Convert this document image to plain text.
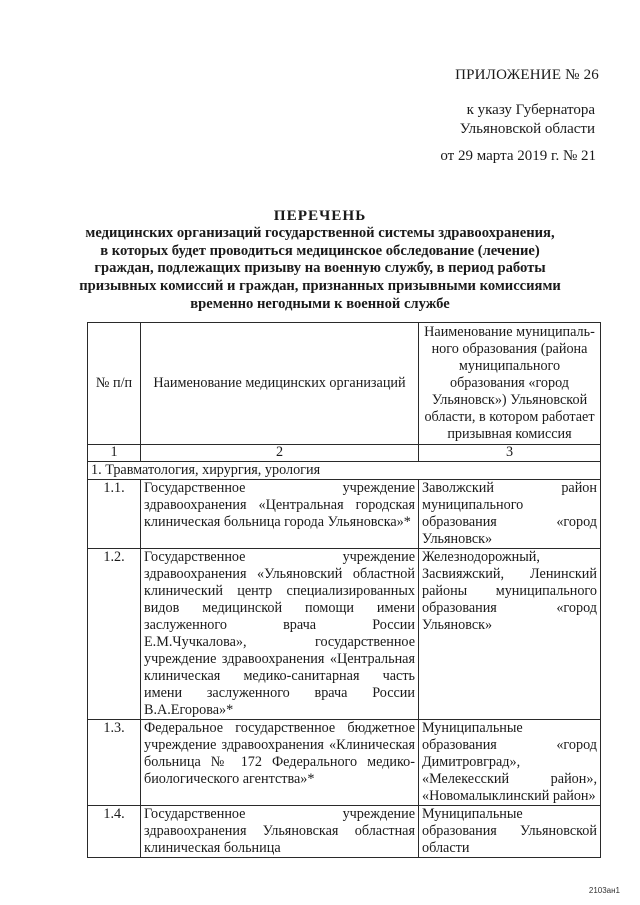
ПРИЛОЖЕНИЕ № 26
к указу Губернатора
Ульяновской области
от 29 марта 2019 г. № 21
ПЕРЕЧЕНЬ
медицинских организаций государственной системы здравоохранения,
в которых будет проводиться медицинское обследование (лечение)
граждан, подлежащих призыву на военную службу, в период работы
призывных комиссий и граждан, признанных призывными комиссиями
временно негодными к военной службе
№ п/п	Наименование медицинских организаций	Наименование муниципаль-ного образования (района муниципального образования «город Ульяновск») Ульяновской области, в котором работает призывная комиссия
1	2	3
1. Травматология, хирургия, урология		
1.1.	Государственное учреждение здравоохранения «Центральная городская клиническая больница города Ульяновска»*	Заволжский район муниципального образования «город Ульяновск»
1.2.	Государственное учреждение здравоохранения «Ульяновский областной клинический центр специализированных видов медицинской помощи имени заслуженного врача России Е.М.Чучкалова», государственное учреждение здравоохранения «Центральная клиническая медико-санитарная часть имени заслуженного врача России В.А.Егорова»*	Железнодорожный, Засвияжский, Ленинский районы муниципального образования «город Ульяновск»
1.3.	Федеральное государственное бюджетное учреждение здравоохранения «Клиническая больница № 172 Федерального медико-биологического агентства»*	Муниципальные образования «город Димитровград», «Мелекесский район», «Новомалыклинский район»
1.4.	Государственное учреждение здравоохранения Ульяновская областная клиническая больница	Муниципальные образования Ульяновской области
2103ан1
